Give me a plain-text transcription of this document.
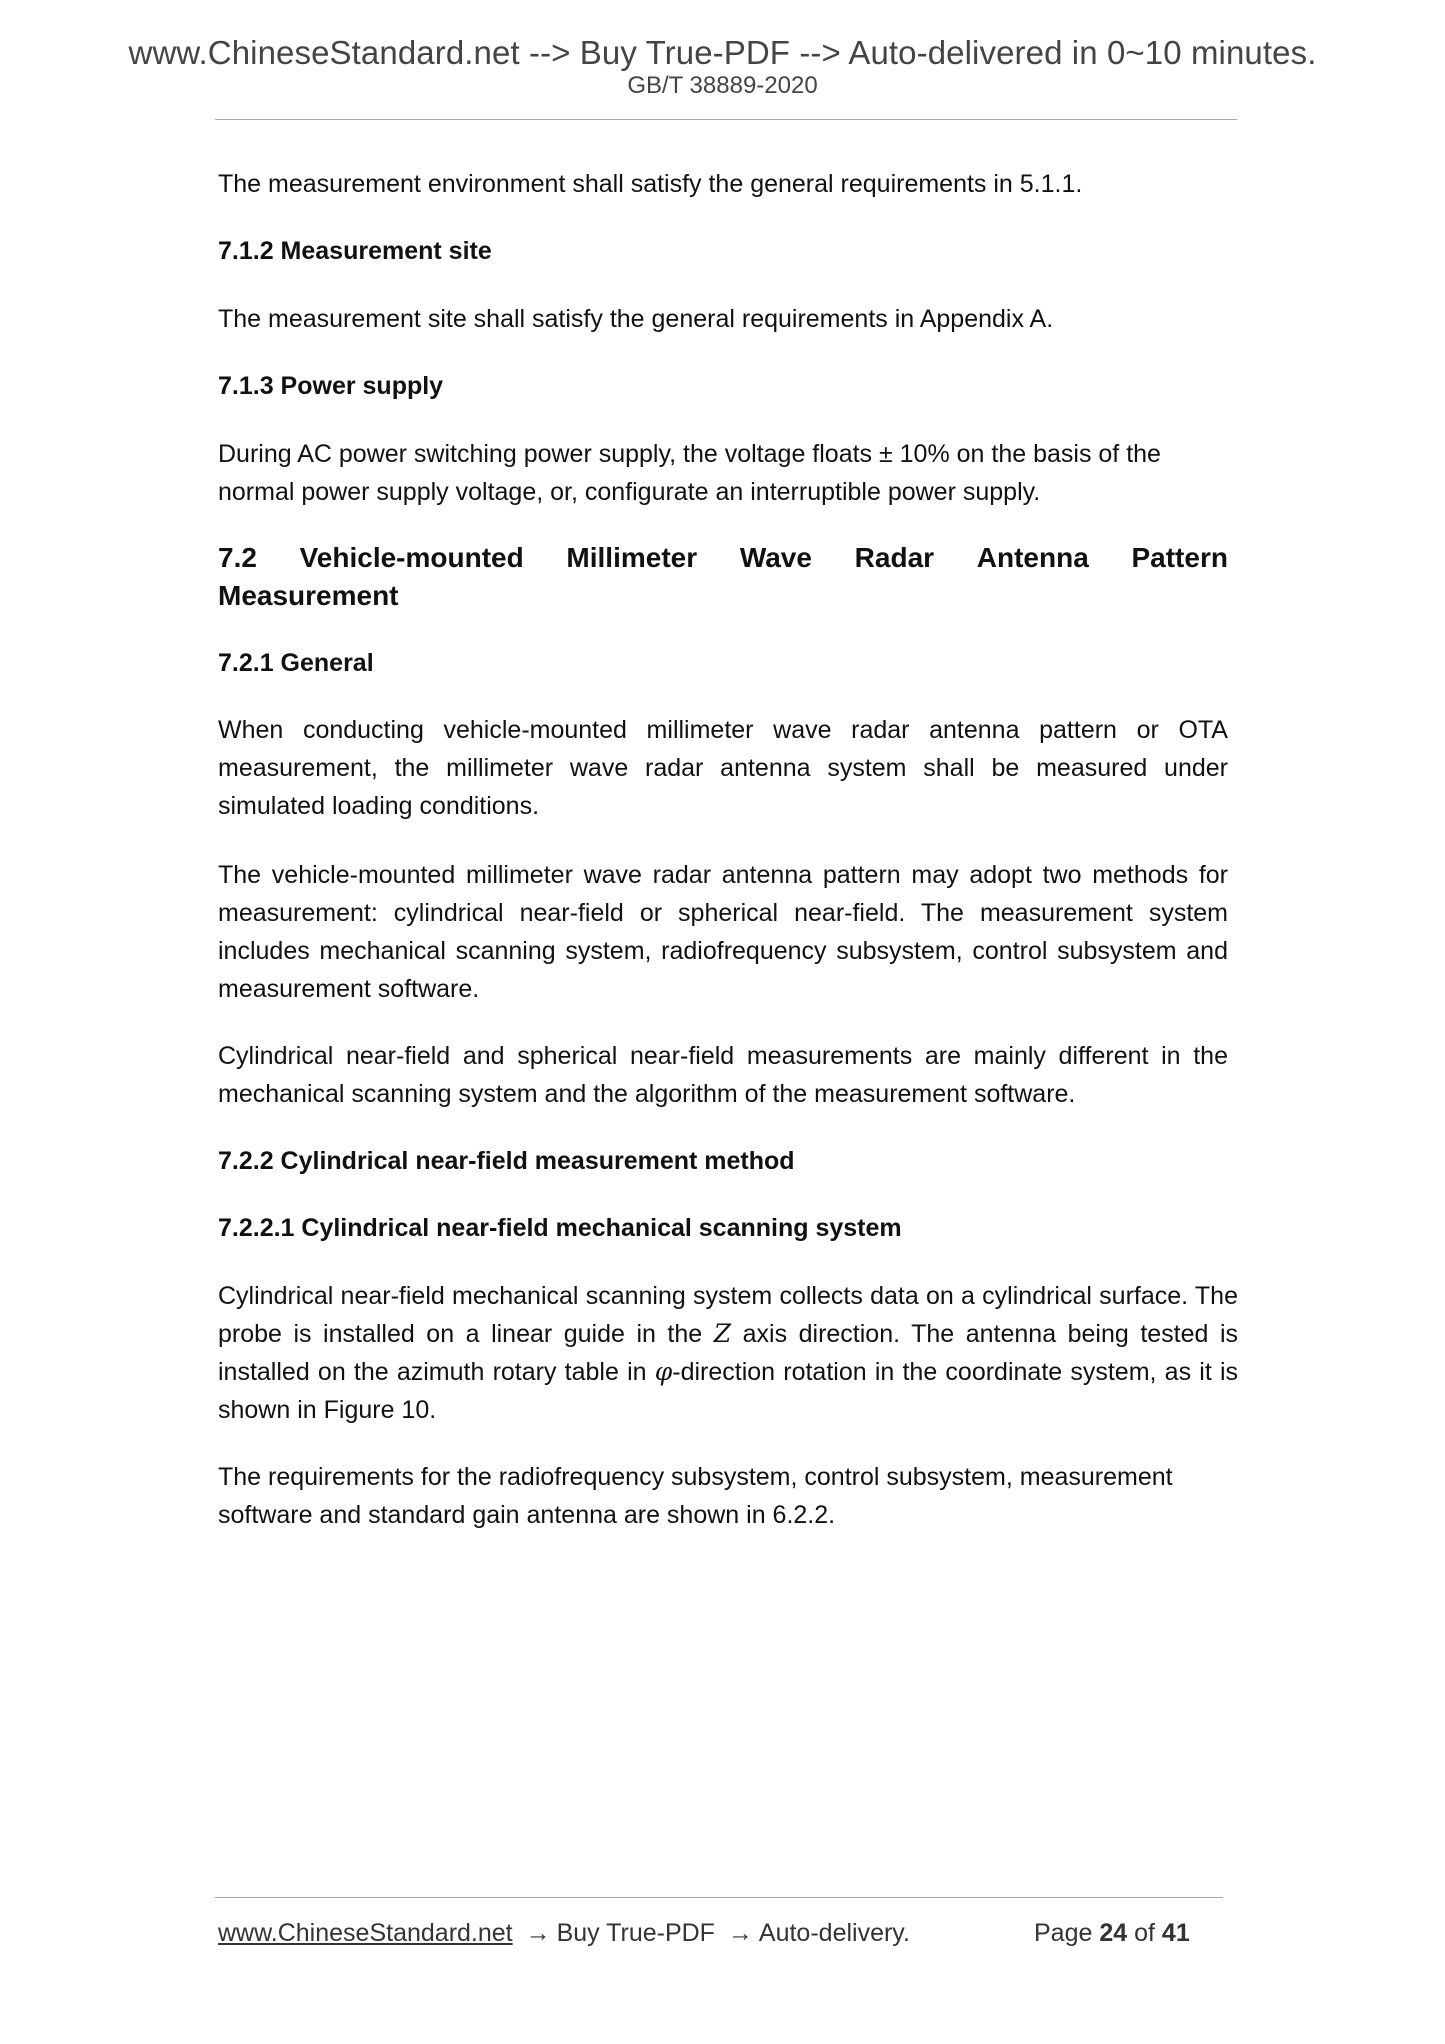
www.ChineseStandard.net --> Buy True-PDF --> Auto-delivered in 0~10 minutes.
GB/T 38889-2020
The measurement environment shall satisfy the general requirements in 5.1.1.
7.1.2 Measurement site
The measurement site shall satisfy the general requirements in Appendix A.
7.1.3 Power supply
During AC power switching power supply, the voltage floats ± 10% on the basis of the
normal power supply voltage, or, configurate an interruptible power supply.
7.2 Vehicle-mounted Millimeter Wave Radar Antenna Pattern
Measurement
7.2.1 General
When conducting vehicle-mounted millimeter wave radar antenna pattern or OTA measurement, the millimeter wave radar antenna system shall be measured under simulated loading conditions.
The vehicle-mounted millimeter wave radar antenna pattern may adopt two methods for measurement: cylindrical near-field or spherical near-field. The measurement system includes mechanical scanning system, radiofrequency subsystem, control subsystem and measurement software.
Cylindrical near-field and spherical near-field measurements are mainly different in the mechanical scanning system and the algorithm of the measurement software.
7.2.2 Cylindrical near-field measurement method
7.2.2.1 Cylindrical near-field mechanical scanning system
Cylindrical near-field mechanical scanning system collects data on a cylindrical surface. The probe is installed on a linear guide in the Z axis direction. The antenna being tested is installed on the azimuth rotary table in φ-direction rotation in the coordinate system, as it is shown in Figure 10.
The requirements for the radiofrequency subsystem, control subsystem, measurement software and standard gain antenna are shown in 6.2.2.
www.ChineseStandard.net → Buy True-PDF → Auto-delivery.	Page 24 of 41
